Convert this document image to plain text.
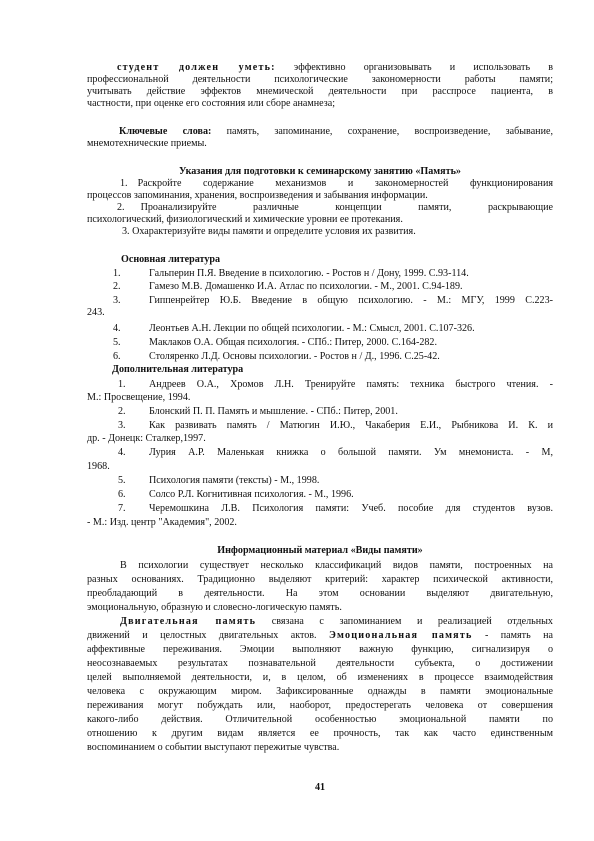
студент должен уметь: эффективно организовывать и использовать в
профессиональной деятельности психологические закономерности работы памяти;
учитывать действие эффектов мнемической деятельности при расспросе пациента, в
частности, при оценке его состояния или сборе анамнеза;
Ключевые слова: память, запоминание, сохранение, воспроизведение, забывание,
мнемотехнические приемы.
Указания для подготовки к семинарскому занятию «Память»
1. Раскройте содержание механизмов и закономерностей функционирования
процессов запоминания, хранения, воспроизведения и забывания информации.
2. Проанализируйте различные концепции памяти, раскрывающие
психологический, физиологический и химические уровни ее протекания.
3. Охарактеризуйте виды памяти и определите условия их развития.
Основная литература
1.	Гальперин П.Я. Введение в психологию. - Ростов н / Дону, 1999. С.93-114.
2.	Гамезо М.В. Домашенко И.А. Атлас по психологии. - М., 2001. С.94-189.
3.	Гиппенрейтер Ю.Б. Введение в общую психологию. - М.: МГУ, 1999 С.223-
243.
4.	Леонтьев А.Н. Лекции по общей психологии. - М.: Смысл, 2001. С.107-326.
5.	Маклаков О.А. Общая психология. - СПб.: Питер, 2000. С.164-282.
6.	Столяренко Л.Д. Основы психологии. - Ростов н / Д., 1996. С.25-42.
Дополнительная литература
1. Андреев О.А., Хромов Л.Н. Тренируйте память: техника быстрого чтения. -
М.: Просвещение, 1994.
2. Блонский П. П. Память и мышление. - СПб.: Питер, 2001.
3. Как развивать память / Матюгин И.Ю., Чакаберия Е.И., Рыбникова И. К. и
др. - Донецк: Сталкер,1997.
4. Лурия А.Р. Маленькая книжка о большой памяти. Ум мнемониста. - М,
1968.
5. Психология памяти (тексты) - М., 1998.
6. Солсо Р.Л. Когнитивная психология. - М., 1996.
7. Черемошкина Л.В. Психология памяти: Учеб. пособие для студентов вузов.
- М.: Изд. центр "Академия", 2002.
Информационный материал «Виды памяти»
В психологии существует несколько классификаций видов памяти, построенных на
разных основаниях. Традиционно выделяют критерий: характер психической активности,
преобладающий в деятельности. На этом основании выделяют двигательную,
эмоциональную, образную и словесно-логическую память.
Двигательная память связана с запоминанием и реализацией отдельных
движений и целостных двигательных актов. Эмоциональная память - память на
аффективные переживания. Эмоции выполняют важную функцию, сигнализируя о
неосознаваемых результатах познавательной деятельности субъекта, о достижении
целей выполняемой деятельности, и, в целом, об изменениях в процессе взаимодействия
человека с окружающим миром. Зафиксированные однажды в памяти эмоциональные
переживания могут побуждать или, наоборот, предостерегать человека от совершения
какого-либо действия. Отличительной особенностью эмоциональной памяти по
отношению к другим видам является ее прочность, так как часто единственным
воспоминанием о событии выступают пережитые чувства.
41
